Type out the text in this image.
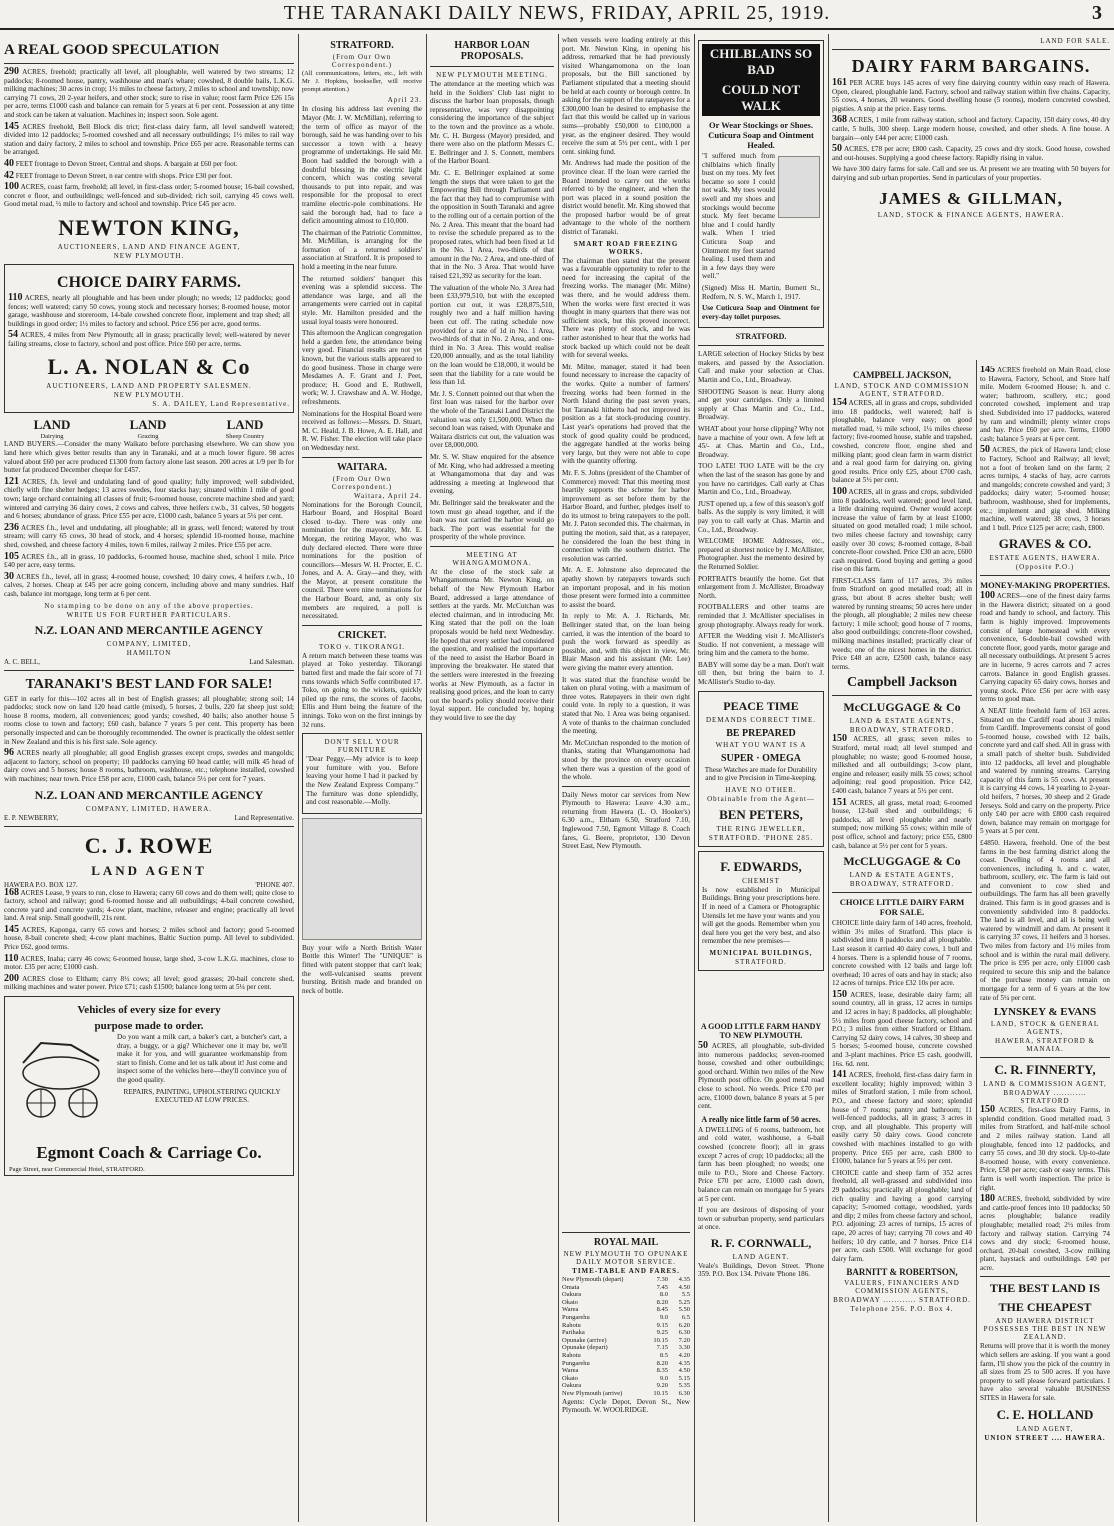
THE TARANAKI DAILY NEWS, FRIDAY, APRIL 25, 1919.	3
A REAL GOOD SPECULATION

290 ACRES, freehold; practically all level, all ploughable, well watered by two streams; 12 paddocks; 8-roomed house, pantry, washhouse and man's whare; cowshed, 8 double bails, L.K.G. milking machines; 30 acres in crop; 1½ miles to cheese factory, 2 miles to school and township; now carrying 71 cows, 20 2-year heifers, and other stock; sure to rise in value; roost farm Price £26 15s per acre, terms £1000 cash and balance can remain for 5 years at 6 per cent. Possession at any time and stock can be taken at valuation. Machines in; inspect soon. Sole agent.

145 ACRES freehold, Bell Block dis trict; first-class dairy farm, all level sandwell watered; divided into 12 paddocks; 5-roomed cowshed and all necessary outbuildings; 1½ miles to rail way station and dairy factory, 2 miles to school and township. Price £65 per acre. Reasonable terms can be arranged.

40 FEET frontage to Devon Street, Central and shops. A bargain at £60 per foot.

42 FEET frontage to Devon Street, n ear centre with shops. Price £30 per foot.

100 ACRES, coast farm, freehold; all level, in first-class order; 5-roomed house; 16-bail cowshed, concret e floor, and outbuildings; well-fenced and sub-divided; rich soil, carrying 45 cows well. Good metal road, ½ mile to factory and school and township. Price £45 per acre.

NEWTON KING,
AUCTIONEERS, LAND AND FINANCE AGENT,
NEW PLYMOUTH.
CHOICE DAIRY FARMS.

110 ACRES, nearly all ploughable and has been under plough; no weeds; 12 paddocks; good fences; well watered; carry 50 cows, young stock and necessary horses; 8-roomed house, motor garage, washhouse and storeroom, 14-bale cowshed concrete floor, implement and trap shed; all buildings in good order; 1½ miles to factory and school. Price £56 per acre, good terms.

54 ACRES, 4 miles from New Plymouth; all in grass; practically level; well-watered by never failing streams, close to factory, school and post office. Price £60 per acre, terms.

L. A. NOLAN & Co
AUCTIONEERS, LAND AND PROPERTY SALESMEN.
NEW PLYMOUTH.
S. A. DAILEY, Land Representative.
LAND
Dairying
LAND
Grazing
LAND
Sheep Country

LAND BUYERS.—Consider the many Waikato before purchasing elsewhere. We can show you land here which gives better results than any in Taranaki, and at a much lower figure. 98 acres valued about £60 per acre produced £1300 from factory alone last season. 200 acres at 1/9 per lb for butter fat produced December cheque for £457.

121 ACRES, f.h. level and undulating land of good quality; fully improved; well subdivided, chiefly with fine shelter hedges; 13 acres swedes, four stacks hay; situated within 1 mile of good town; large orchard containing all classes of fruit; 6-roomed house, concrete machine shed and yard; wintered and carrying 36 dairy cows, 2 cows and calves, three heifers r.w.b., 31 calves, 50 hoggets and 6 horses; abundance of grass. Price £55 per acre, £1000 cash, balance 5 years at 5¼ per cent.

236 ACRES f.h., level and undulating, all ploughable; all in grass, well fenced; watered by trout stream; will carry 65 cows, 30 head of stock, and 4 horses; splendid 10-roomed house, machine shed, cowshed, and cheese factory 4 miles, town 6 miles, railway 2 miles. Price £55 per acre.

105 ACRES f.h., all in grass, 10 paddocks, 6-roomed house, machine shed, school 1 mile. Price £40 per acre, easy terms.

30 ACRES f.h., level, all in grass; 4-roomed house, cowshed; 10 dairy cows, 4 heifers r.w.b., 10 calves, 2 horses. Cheap at £45 per acre going concern, including above and many sundries. Half cash, balance int mortgage, long term at 6 per cent.

No stamping to be done on any of the above properties.
WRITE US FOR FURTHER PARTICULARS.
N.Z. LOAN AND MERCANTILE AGENCY
COMPANY, LIMITED,
HAMILTON
A. C. BELL,	Land Salesman.
TARANAKI'S BEST LAND FOR SALE!

GET in early for this—102 acres all in best of English grasses; all ploughable; strong soil; 14 paddocks; stock now on land 120 head cattle (mixed), 5 horses, 2 bulls, 220 fat sheep just sold; house 8 rooms, modern, all conveniences; good yards; cowshed, 40 bails; also another house 5 rooms close to town and factory; £60 cash, balance 7 years 5 per cent. This property has been personally inspected and can be thoroughly recommended. The owner is practically the oldest settler in New Zealand and this is his first sale. Sole agency.

96 ACRES nearly all ploughable; all good English grasses except crops, swedes and mangolds; adjacent to factory, school on property; 10 paddocks carrying 60 head cattle; will milk 45 head of dairy cows and 5 horses; house 8 rooms, bathroom, washhouse, etc.; telephone installed, cowshed with machines; near town. Price £58 per acre, £1000 cash, balance 5½ per cent for 7 years.

N.Z. LOAN AND MERCANTILE AGENCY
COMPANY, LIMITED, HAWERA.
E. P. NEWBERRY,	Land Representative.
C. J. ROWE
LAND AGENT
HAWERA P.O. BOX 127.	'PHONE 407.

168 ACRES Lease, 9 years to run, close to Hawera; carry 60 cows and do them well; quite close to factory, school and railway; good 6-roomed house and all outbuildings; 4-bail concrete cowshed, concrete yard and concrete yards; 4-cow plant, machine, releaser and engine; practically all level land. A real snip. Small goodwill, 21s rent.

145 ACRES, Kaponga, carry 65 cows and horses; 2 miles school and factory; good 5-roomed house, 8-bail concrete shed; 4-cow plant machines, Baltic Suction pump. All level to subdivided. Price £62, good terms.

110 ACRES, Inaha; carry 46 cows; 6-roomed house, large shed, 3-cow L.K.G. machines, close to motor. £35 per acre; £1000 cash.

200 ACRES close to Eltham; carry 8½ cows; all level; good grasses; 20-bail concrete shed, milking machines and water power. Price £71; cash £1500; balance long term at 5¼ per cent.

Vehicles of every size for every
purpose made to order.

Do you want a milk cart, a baker's cart, a butcher's cart, a dray, a buggy, or a gig? Whichever one it may be, we'll make it for you, and will guarantee workmanship from start to finish. Come and let us talk about it! Just come and inspect some of the vehicles here—they'll convince you of the good quality.

REPAIRS, PAINTING, UPHOLSTERING QUICKLY EXECUTED AT LOW PRICES.

Egmont Coach & Carriage Co.
Page Street, near Commercial Hotel, STRATFORD.
STRATFORD.
(From Our Own Correspondent.)

(All communications, letters, etc., left with Mr J. Hopkins, bookseller, will receive prompt attention.)

April 23.

In closing his address last evening the Mayor (Mr. J. W. McMillan), referring to the term of office as mayor of the borough, said he was handing over to his successor a town with a heavy programme of undertakings. He said Mr. Boon had saddled the borough with a doubtful blessing in the electric light concern, which was costing several thousands to put into repair, and was responsible for the proposal to erect tramline electric-pole combinations. He said the borough had, had to face a deficit amounting almost to £10,000.

The chairman of the Patriotic Committee, Mr. McMillan, is arranging for the formation of a returned soldiers' association at Stratford. It is proposed to hold a meeting in the near future.

The returned soldiers' banquet this evening was a splendid success. The attendance was large, and all the arrangements were carried out in capital style. Mr. Hamilton presided and the usual loyal toasts were honoured.

This afternoon the Anglican congregation held a garden fete, the attendance being very good. Financial results are not yet known, but the various stalls appeared to do good business. Those in charge were Mesdames A. F. Grant and J. Peet, produce; H. Good and E. Ruthwell, work; W. J. Crawshaw and A. W. Hodge, refreshments.

Nominations for the Hospital Board were received as follows:—Messrs. D. Stuart, M. C. Heald, J. B. Howe, A. E. Hall, and R. W. Fisher. The election will take place on Wednesday next.

WAITARA.
(From Our Own Correspondent.)
Waitara, April 24.

Nominations for the Borough Council, Harbour Board, and Hospital Board closed to-day. There was only one nomination for the mayoralty, Mr. E. Morgan, the retiring Mayor, who was duly declared elected. There were three nominations for the position of councillors—Messrs W. H. Procter, E. C. Jones, and A. A. Gray—and they, with the Mayor, at present constitute the council. There were nine nominations for the Harbour Board, and, as only six members are required, a poll is necessitated.

CRICKET.
TOKO v. TIKORANGI.

A return match between these teams was played at Toko yesterday. Tikorangi batted first and made the fair score of 71 runs towards which Soffe contributed 17. Toko, on going to the wickets, quickly piled up the runs, the scores of Jacobs, Ellis and Hunt being the feature of the innings. Toko won on the first innings by 32 runs.

DON'T SELL YOUR FURNITURE

"Dear Peggy,—My advice is to keep your furniture with you. Before leaving your home I had it packed by the New Zealand Express Company." The furniture was done splendidly, and cost reasonable.—Molly.

Buy your wife a North British Water Bottle this Winter! The "UNIQUE" is fitted with patent stopper that can't leak; the well-vulcanised seams prevent bursting. British made and branded on neck of bottle.

HARBOR LOAN PROPOSALS.
NEW PLYMOUTH MEETING.

The attendance at the meeting which was held in the Soldiers' Club last night to discuss the harbor loan proposals, though representative, was very disappointing considering the importance of the subject to the town and the province as a whole. Mr. C. H. Burgess (Mayor) presided, and there were also on the platform Messrs C. E. Bellringer and J. S. Connett, members of the Harbor Board.

Mr. C. E. Bellringer explained at some length the steps that were taken to get the Empowering Bill through Parliament and the fact that they had to compromise with the opposition in South Taranaki and agree to the rolling out of a certain portion of the No. 2 Area. This meant that the board had to revise the schedule prepared as to the proposed rates, which had been fixed at 1d in the No. 1 Area, two-thirds of that amount in the No. 2 Area, and one-third of that in the No. 3 Area. That would have raised £21,392 as security for the loan.

The valuation of the whole No. 3 Area had been £33,979,510, but with the excepted portion cut out, it was £28,875,510, roughly two and a half million having been cut off. The rating schedule now provided for a rate of 1d in No. 1 Area, two-thirds of that in No. 2 Area, and one-third in No. 3 Area. This would realise £20,000 annually, and as the total liability on the loan would be £18,000, it would be seen that the liability for a rate would be less than 1d.

Mr. J. S. Connett pointed out that when the first loan was raised for the harbor over the whole of the Taranaki Land District the valuation was only £1,500,000. When the second loan was raised, with Opunake and Waitara districts cut out, the valuation was over £8,000,000.

Mr. S. W. Shaw enquired for the absence of Mr. King, who had addressed a meeting at Whangamomona that day and was addressing a meeting at Inglewood that evening.

Mr. Bellringer said the breakwater and the town must go ahead together, and if the loan was not carried the harbor would go back. The port was essential for the prosperity of the whole province.

MEETING AT WHANGAMOMONA.

At the close of the stock sale at Whangamomona Mr. Newton King, on behalf of the New Plymouth Harbor Board, addressed a large attendance of settlers at the yards. Mr. McCutchan was elected chairman, and in introducing Mr. King stated that the poll on the loan proposals would be held next Wednesday. He hoped that every settler had considered the question, and realised the importance of the need to assist the Harbor Board in improving the breakwater. He stated that the settlers were interested in the freezing works at New Plymouth, as a factor in realising good prices, and the loan to carry out the board's policy should receive their loyal support. He concluded by, hoping they would live to see the day

when vessels were loading entirely at this port. Mr. Newton King, in opening his address, remarked that he had previously visited Whangamomona on the loan proposals, but the Bill sanctioned by Parliament stipulated that a meeting should be held at each county or borough centre. In asking for the support of the ratepayers for a £300,000 loan he desired to emphasise the fact that this would be called up in various sums—probably £50,000 to £100,000 a year, as the engineer desired. They would receive the sum at 5½ per cent., with 1 per cent. sinking fund.

Mr. Andrews had made the position of the province clear. If the loan were carried the Board intended to carry out the works referred to by the engineer, and when the port was placed in a sound position the district would benefit. Mr. King showed that the proposed harbor would be of great advantage to the whole of the northern district of Taranaki.

SMART ROAD FREEZING WORKS.

The chairman then stated that the present was a favourable opportunity to refer to the need for increasing the capital of the freezing works. The manager (Mr. Milne) was there, and he would address them. When the works were first erected it was thought in many quarters that there was not sufficient stock, but this proved incorrect. There was plenty of stock, and he was rather astonished to hear that the works had stock backed up which could not be dealt with for several weeks.

Mr. Milne, manager, stated it had been found necessary to increase the capacity of the works. Quite a number of farmers' freezing works had been formed in the North Island during the past seven years, but Taranaki hitherto had not improved its position as a fat stock-producing country. Last year's operations had proved that the stock of good quality could be produced, the aggregate handled at the works being very large, but they were not able to cope with the quantity offering.

Mr. F. S. Johns (president of the Chamber of Commerce) moved: That this meeting most heartily supports the scheme for harbor improvement as set before them by the Harbor Board, and further, pledges itself to do its utmost to bring ratepayers to the poll. Mr. J. Paton seconded this. The chairman, in putting the motion, said that, as a ratepayer, he considered the loan the best thing in connection with the southern district. The resolution was carried.

Mr. A. E. Johnstone also deprecated the apathy shown by ratepayers towards such an important proposal, and in his motion those present were formed into a committee to assist the board.

In reply to Mr. A. J. Richards, Mr. Bellringer stated that, on the loan being carried, it was the intention of the board to push the work forward as speedily as possible, and, with this object in view, Mr. Blair Mason and his assistant (Mr. Lee) were giving the matter every attention.

It was stated that the franchise would be taken on plural voting, with a maximum of three votes. Ratepayers in their own right could vote. In reply to a question, it was stated that No. 1 Area was being organised. A vote of thanks to the chairman concluded the meeting.

Mr. McCutchan responded to the motion of thanks, stating that Whangamomona had stood by the province on every occasion when there was a question of the good of the whole.

Daily News motor car services from New Plymouth to Hawera: Leave 4.30 a.m., returning from Hawera (L. O. Hooker's) 6.30 a.m., Eltham 6.50, Stratford 7.10, Inglewood 7.50, Egmont Village 8. Coach fares, G. Beere, proprietor, 130 Devon Street East, New Plymouth.

CHILBLAINS SO BAD
COULD NOT WALK
Or Wear Stockings or Shoes. Cuticura Soap and Ointment Healed.

"I suffered much from chilblains which finally bust on my toes. My feet became so sore I could not walk. My toes would swell and my shoes and stockings would become stuck. My feet became blue and I could hardly walk. When I tried Cuticura Soap and Ointment my feet started healing. I used them and in a few days they were well."

(Signed) Miss H. Martin, Burnett St., Redfern, N. S. W., March 1, 1917.

Use Cuticura Soap and Ointment for every-day toilet purposes.

STRATFORD.

LARGE selection of Hockey Sticks by best makers, and passed by the Association. Call and make your selection at Chas. Martin and Co., Ltd., Broadway.

SHOOTING Season is near. Hurry along and get your cartridges. Only a limited supply at Chas Martin and Co., Ltd., Broadway.

WHAT about your horse clipping? Why not have a machine of your own. A few left at 45/- at Chas. Martin and Co., Ltd., Broadway.

TOO LATE! TOO LATE will be the cry when the last of the season has gone by and you have no cartridges. Call early at Chas Martin and Co., Ltd., Broadway.

JUST opened up, a few of this season's golf balls. As the supply is very limited, it will pay you to call early at Chas. Martin and Co., Ltd., Broadway.

WELCOME HOME Addresses, etc., prepared at shortest notice by J. McAllister, Photographer. Just the memento desired by the Returned Soldier.

PORTRAITS beautify the home. Get that enlargement from J. McAllister, Broadway North.

FOOTBALLERS and other teams are reminded that J. McAllister specialises in group photography. Always ready for work.

AFTER the Wedding visit J. McAllister's Studio. If not convenient, a message will bring him and the camera to the home.

BABY will some day be a man. Don't wait till then, but bring the bairn to J. McAllister's Studio to-day.

PEACE TIME
DEMANDS CORRECT TIME.
BE PREPARED
WHAT YOU WANT IS A
SUPER · OMEGA

These Watches are made for Durability and to give Precision in Time-keeping.

HAVE NO OTHER.
Obtainable from the Agent—
BEN PETERS,
THE RING JEWELLER,
STRATFORD. 'PHONE 285.
F. EDWARDS,
CHEMIST

Is now established in Municipal Buildings. Bring your prescriptions here. If in need of a Camera or Photographic Utensils let me have your wants and you will get the goods. Remember when you deal here you get the very best, and also remember the new premises—

MUNICIPAL BUILDINGS,
STRATFORD.
A GOOD LITTLE FARM HANDY TO NEW PLYMOUTH.

50 ACRES, all ploughable, sub-divided into numerous paddocks; seven-roomed house, cowshed and other outbuildings; good orchard. Within two miles of the New Plymouth post office. On good metal road close to school. No weeds. Price £70 per acre, £1000 down, balance 8 years at 5 per cent.

A really nice little farm of 50 acres.

A DWELLING of 6 rooms, bathroom, hot and cold water, washhouse, a 6-bail cowshed (concrete floor); all in grass except 7 acres of crop; 10 paddocks; all the farm has been ploughed; no weeds; one mile to P.O., Store and Cheese Factory. Price £70 per acre, £1000 cash down, balance can remain on mortgage for 5 years at 5 per cent.

If you are desirous of disposing of your town or suburban property, send particulars at once.

R. F. CORNWALL,
LAND AGENT.

Veale's Buildings, Devon Street. 'Phone 359. P.O. Box 134. Private 'Phone 186.

ROYAL MAIL
NEW PLYMOUTH TO OPUNAKE DAILY MOTOR SERVICE.
TIME-TABLE AND FARES.
New Plymouth (depart)	7.30	4.35
Omata	7.45	4.50
Oakura	8.0	5.5
Okato	8.20	5.25
Warea	8.45	5.50
Pungarehu	9.0	6.5
Rahotu	9.15	6.20
Parihaka	9.25	6.30
Opunake (arrive)	10.15	7.20
Opunake (depart)	7.15	3.30
Rahotu	8.5	4.20
Pungarehu	8.20	4.35
Warea	8.35	4.50
Okato	9.0	5.15
Oakura	9.20	5.35
New Plymouth (arrive)	10.15	6.30

Agents: Cycle Depot, Devon St., New Plymouth. W. WOOLRIDGE.

LAND FOR SALE.
DAIRY FARM BARGAINS.

161 PER ACRE buys 145 acres of very fine dairying country within easy reach of Hawera. Open, cleared, ploughable land. Factory, school and railway station within five chains. Capacity, 55 cows, 4 horses, 20 weaners. Good dwelling house (5 rooms), modern concreted cowshed, pigsties. A snip at the price. Easy terms.

368 ACRES, 1 mile from railway station, school and factory. Capacity, 150 dairy cows, 40 dry cattle, 5 bulls, 300 sheep. Large modern house, cowshed, and other sheds. A fine house. A bargain—only £44 per acre; £1000 cash.

50 ACRES, £78 per acre; £800 cash. Capacity, 25 cows and dry stock. Good house, cowshed and out-houses. Supplying a good cheese factory. Rapidly rising in value.

We have 300 dairy farms for sale. Call and see us. At present we are treating with 50 buyers for dairying and sub urban properties. Send in particulars of your properties.

JAMES & GILLMAN,
LAND, STOCK & FINANCE AGENTS, HAWERA.
CAMPBELL JACKSON,
LAND, STOCK AND COMMISSION AGENT, STRATFORD.

154 ACRES, all in grass and crops, subdivided into 18 paddocks, well watered; half is ploughable, balance very easy; on good metalled road, ½ mile school, 1¼ miles cheese factory; five-roomed house, stable and trapshed, cowshed, concrete floor, engine shed and milking plant; good clean farm in warm district and a real good farm for dairying on, giving good results. Price only £25, about £700 cash, balance at 5½ per cent.

100 ACRES, all in grass and crops, subdivided into 8 paddocks, well watered; good level land, a little draining required. Owner would accept increase the value of farm by at least £1000; situated on good metalled road; 1 mile school, two miles cheese factory and township; carry easily over 30 cows; 8-roomed cottage, 8-bail concrete-floor cowshed. Price £30 an acre, £600 cash required. Good buying and getting a good rise on this farm.

FIRST-CLASS farm of 117 acres, 3½ miles from Stratford on good metalled road; all in grass, but about 8 acres shelter bush; well watered by running streams; 50 acres here under the plough, all ploughable; 2 miles new cheese factory; 1 mile school; good house of 7 rooms, also good outbuildings; concrete-floor cowshed, milking machines installed; practically clear of weeds; one of the nicest homes in the district. Price £48 an acre, £2500 cash, balance easy terms.

Campbell Jackson
McCLUGGAGE & Co
LAND & ESTATE AGENTS,
BROADWAY, STRATFORD.

150 ACRES, all grass; seven miles to Stratford, metal road; all level stumped and ploughable; no waste; good 6-roomed house, milkshed and all outbuildings; 3-cow plant, engine and releaser; easily milk 55 cows; school adjoining; real good proposition. Price £42, £400 cash, balance 7 years at 5½ per cent.

151 ACRES, all grass, metal road; 6-roomed house, 12-bail shed and outbuildings; 6 paddocks, all level ploughable and nearly stumped; now milking 55 cows; within mile of post office, school and factory; price £55, £800 cash, balance at 5½ per cent for 5 years.

McCLUGGAGE & Co
LAND & ESTATE AGENTS,
BROADWAY, STRATFORD.
CHOICE LITTLE DAIRY FARM FOR SALE.

CHOICE little dairy farm of 140 acres, freehold, within 3½ miles of Stratford. This place is subdivided into 8 paddocks and all ploughable. Last season it carried 40 dairy cows, 1 bull and 4 horses. There is a splendid house of 7 rooms, concrete cowshed with 12 bails and large loft overhead; 10 acres of oats and hay in stack; also 12 acres of turnips. Price £32 10s per acre.

150 ACRES, lease, desirable dairy farm; all sound country, all in grass, 12 acres in turnips and 12 acres in hay; 8 paddocks, all ploughable; 5½ miles from good cheese factory, school and P.O.; 3 miles from either Stratford or Eltham. Carrying 52 dairy cows, 14 calves, 30 sheep and 5 horses; 5-roomed house, concrete cowshed and 3-plant machines. Price £5 cash, goodwill, 16s. 6d. rent.

141 ACRES, freehold, first-class dairy farm in excellent locality; highly improved; within 3 miles of Stratford station, 1 mile from school, P.O., and cheese factory and store; splendid house of 7 rooms; pantry and bathroom; 11 well-fenced paddocks, all in grass; 3 acres in crop, and all ploughable. This property will easily carry 50 dairy cows. Good concrete cowshed with machines installed to go with property. Price £65 per acre, cash £800 to £1000, balance for 5 years at 5½ per cent.

CHOICE cattle and sheep farm of 352 acres freehold, all well-grassed and subdivided into 29 paddocks; practically all ploughable; land of rich quality and having a good carrying capacity; 5-roomed cottage, woodshed, yards and dip; 2 miles from cheese factory and school, P.O. adjoining; 23 acres of turnips, 15 acres of rape, 20 acres of hay; carrying 70 cows and 40 heifers; 10 dry cattle, and 7 horses. Price £14 per acre, cash £500. Will exchange for good dairy farm.

BARNITT & ROBERTSON,
VALUERS, FINANCIERS AND COMMISSION AGENTS,
BROADWAY ............ STRATFORD.
Telephone 256. P.O. Box 4.

145 ACRES freehold on Main Road, close to Hawera, Factory, School, and Store half mile. Modern 6-roomed House; h. and c. water; bathroom, scullery, etc.; good concreted cowshed, implement and trap shed. Subdivided into 17 paddocks, watered by ram and windmill; plenty winter crops and hay. Price £60 per acre. Terms, £1000 cash; balance 5 years at 6 per cent.

50 ACRES, the pick of Hawera land; close to Factory, School and Railway; all level; not a foot of broken land on the farm; 2 acres turnips, 4 stacks of hay, acre carrots and mangolds; concrete cowshed and yard; 3 paddocks; dairy water; 5-roomed house; bathroom, washhouse, shed for implements, etc.; implement and gig shed. Milking machine, well watered; 38 cows, 3 horses and 1 bull. Price £125 per acre; cash, £800.

GRAVES & CO.
ESTATE AGENTS, HAWERA.
(Opposite P.O.)
MONEY-MAKING PROPERTIES.

100 ACRES—one of the finest dairy farms in the Hawera district; situated on a good road and handy to school, and factory. This farm is highly improved. Improvements consist of large homestead with every convenience, 6-double-bail cowshed with concrete floor, good yards, motor garage and all necessary outbuildings. At present 5 acres are in lucerne, 9 acres carrots and 7 acres carrots. Balance in good English grasses. Carrying capacity 65 dairy cows, horses and young stock. Price £56 per acre with easy terms to good man.

A NEAT little freehold farm of 163 acres. Situated on the Cardiff road about 3 miles from Cardiff. Improvements consist of good 5-roomed house, cowshed with 12 bails, concrete yard and calf shed. All in grass with a small patch of shelter bush. Subdivided into 12 paddocks, all level and ploughable and watered by running streams. Carrying capacity of this farm is 55 cows. At present it is carrying 44 cows, 14 yearling to 2-year-old heifers, 7 horses, 30 sheep and 2 Grade Jerseys. Sold and carry on the property. Price only £40 per acre with £800 cash required down, balance may remain on mortgage for 5 years at 5 per cent.

£4850. Hawera, freehold. One of the best farms in the best farming district along the coast. Dwelling of 4 rooms and all conveniences, including h. and c. water, bathroom, scullery, etc. The farm is laid out and convenient to cow shed and outbuildings. The farm has all been gravelly drained. This farm is in good grasses and is conveniently subdivided into 8 paddocks. The land is all level, and all is being well watered by windmill and dam. At present it is carrying 37 cows, 11 heifers and 3 horses. Two miles from factory and 1½ miles from school and is within the rural mail delivery. The price is £95 per acre, only £1000 cash required to secure this snip and the balance of the purchase money can remain on mortgage for a term of 6 years at the low rate of 5¼ per cent.

LYNSKEY & EVANS
LAND, STOCK & GENERAL AGENTS,
HAWERA, STRATFORD & MANAIA.
C. R. FINNERTY,
LAND & COMMISSION AGENT,
BROADWAY ............ STRATFORD

150 ACRES, first-class Dairy Farms, in splendid condition. Good metalled road, 3 miles from Stratford, and half-mile school and 2 miles railway station. Land all ploughable, fenced into 12 paddocks, and carry 55 cows, and 30 dry stock. Up-to-date 8-roomed house, with every convenience. Price, £58 per acre; cash or easy terms. This farm is well worth inspection. The price is right.

180 ACRES, freehold, subdivided by wire and cattle-proof fences into 10 paddocks; 50 acres ploughable; balance readily ploughable; metalled road; 2½ miles from factory and railway station. Carrying 74 cows and dry stock; 6-roomed house, orchard, 20-bail cowshed, 3-cow milking plant, haystack and outbuildings. £40 per acre.

THE BEST LAND IS
THE CHEAPEST
AND HAWERA DISTRICT POSSESSES THE BEST IN NEW ZEALAND.

Returns will prove that it is worth the money which sellers are asking. If you want a good farm, I'll show you the pick of the country in all sizes from 25 to 500 acres. If you have property to sell please forward particulars. I have also several valuable BUSINESS SITES in Hawera for sale.

C. E. HOLLAND
LAND AGENT,
UNION STREET .... HAWERA.
